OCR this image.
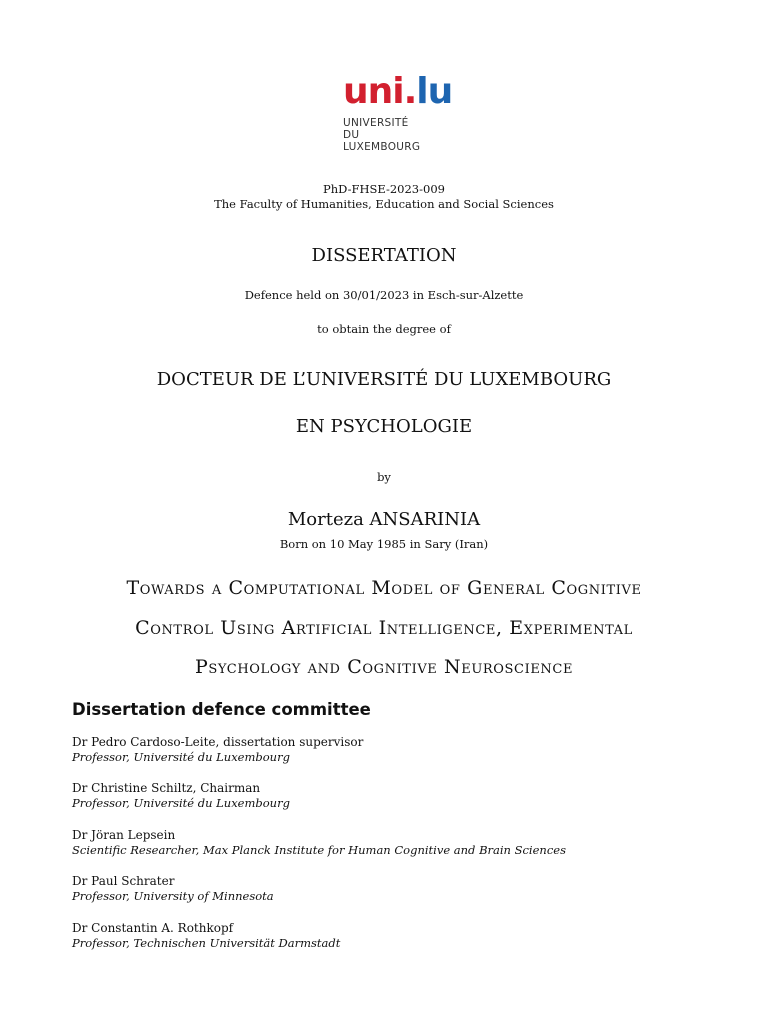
uni . lu
UNIVERSITÉ DU
LUXEMBOURG
PhD-FHSE-2023-009
The Faculty of Humanities, Education and Social Sciences
DISSERTATION
Defence held on 30/01/2023 in Esch-sur-Alzette
to obtain the degree of
DOCTEUR DE L’UNIVERSITÉ DU LUXEMBOURG
EN PSYCHOLOGIE
by
Morteza ANSARINIA
Born on 10 May 1985 in Sary (Iran)
Towards a Computational Model of General Cognitive
Control Using Artificial Intelligence, Experimental
Psychology and Cognitive Neuroscience
Dissertation defence committee
Dr Pedro Cardoso-Leite, dissertation supervisor
Professor, Université du Luxembourg
Dr Christine Schiltz, Chairman
Professor, Université du Luxembourg
Dr Jöran Lepsein
Scientific Researcher, Max Planck Institute for Human Cognitive and Brain Sciences
Dr Paul Schrater
Professor, University of Minnesota
Dr Constantin A. Rothkopf
Professor, Technischen Universität Darmstadt
